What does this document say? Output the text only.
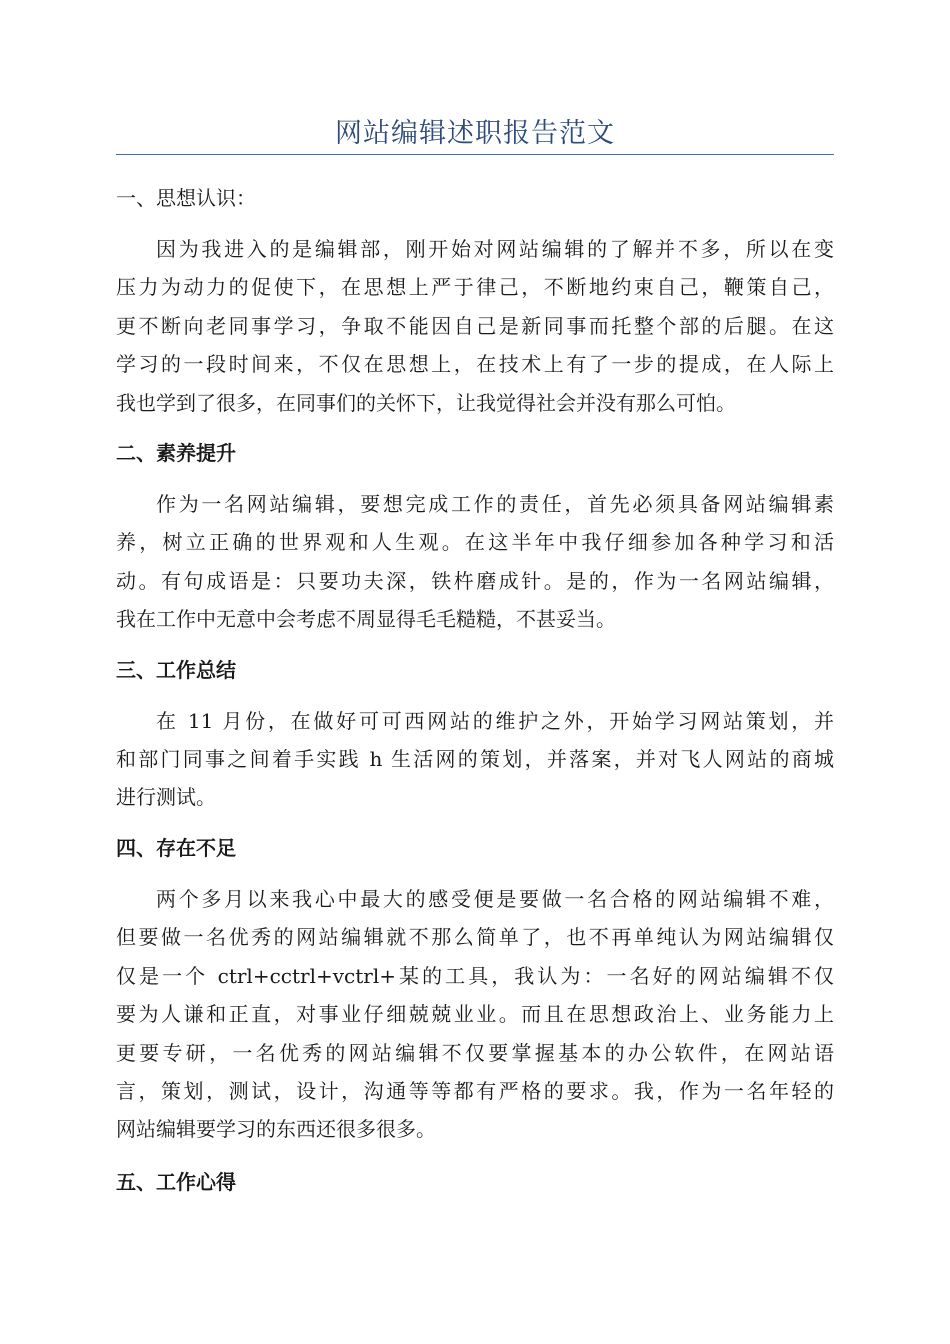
网站编辑述职报告范文
一、思想认识：
因为我进入的是编辑部，刚开始对网站编辑的了解并不多，所以在变
压力为动力的促使下，在思想上严于律己，不断地约束自己，鞭策自己，
更不断向老同事学习，争取不能因自己是新同事而托整个部的后腿。在这
学习的一段时间来，不仅在思想上，在技术上有了一步的提成，在人际上
我也学到了很多，在同事们的关怀下，让我觉得社会并没有那么可怕。
二、素养提升
作为一名网站编辑，要想完成工作的责任，首先必须具备网站编辑素
养，树立正确的世界观和人生观。在这半年中我仔细参加各种学习和活
动。有句成语是：只要功夫深，铁杵磨成针。是的，作为一名网站编辑，
我在工作中无意中会考虑不周显得毛毛糙糙，不甚妥当。
三、工作总结
在 11 月份，在做好可可西网站的维护之外，开始学习网站策划，并
和部门同事之间着手实践 h 生活网的策划，并落案，并对飞人网站的商城
进行测试。
四、存在不足
两个多月以来我心中最大的感受便是要做一名合格的网站编辑不难，
但要做一名优秀的网站编辑就不那么简单了，也不再单纯认为网站编辑仅
仅是一个 ctrl+cctrl+vctrl+某的工具，我认为：一名好的网站编辑不仅
要为人谦和正直，对事业仔细兢兢业业。而且在思想政治上、业务能力上
更要专研，一名优秀的网站编辑不仅要掌握基本的办公软件，在网站语
言，策划，测试，设计，沟通等等都有严格的要求。我，作为一名年轻的
网站编辑要学习的东西还很多很多。
五、工作心得
